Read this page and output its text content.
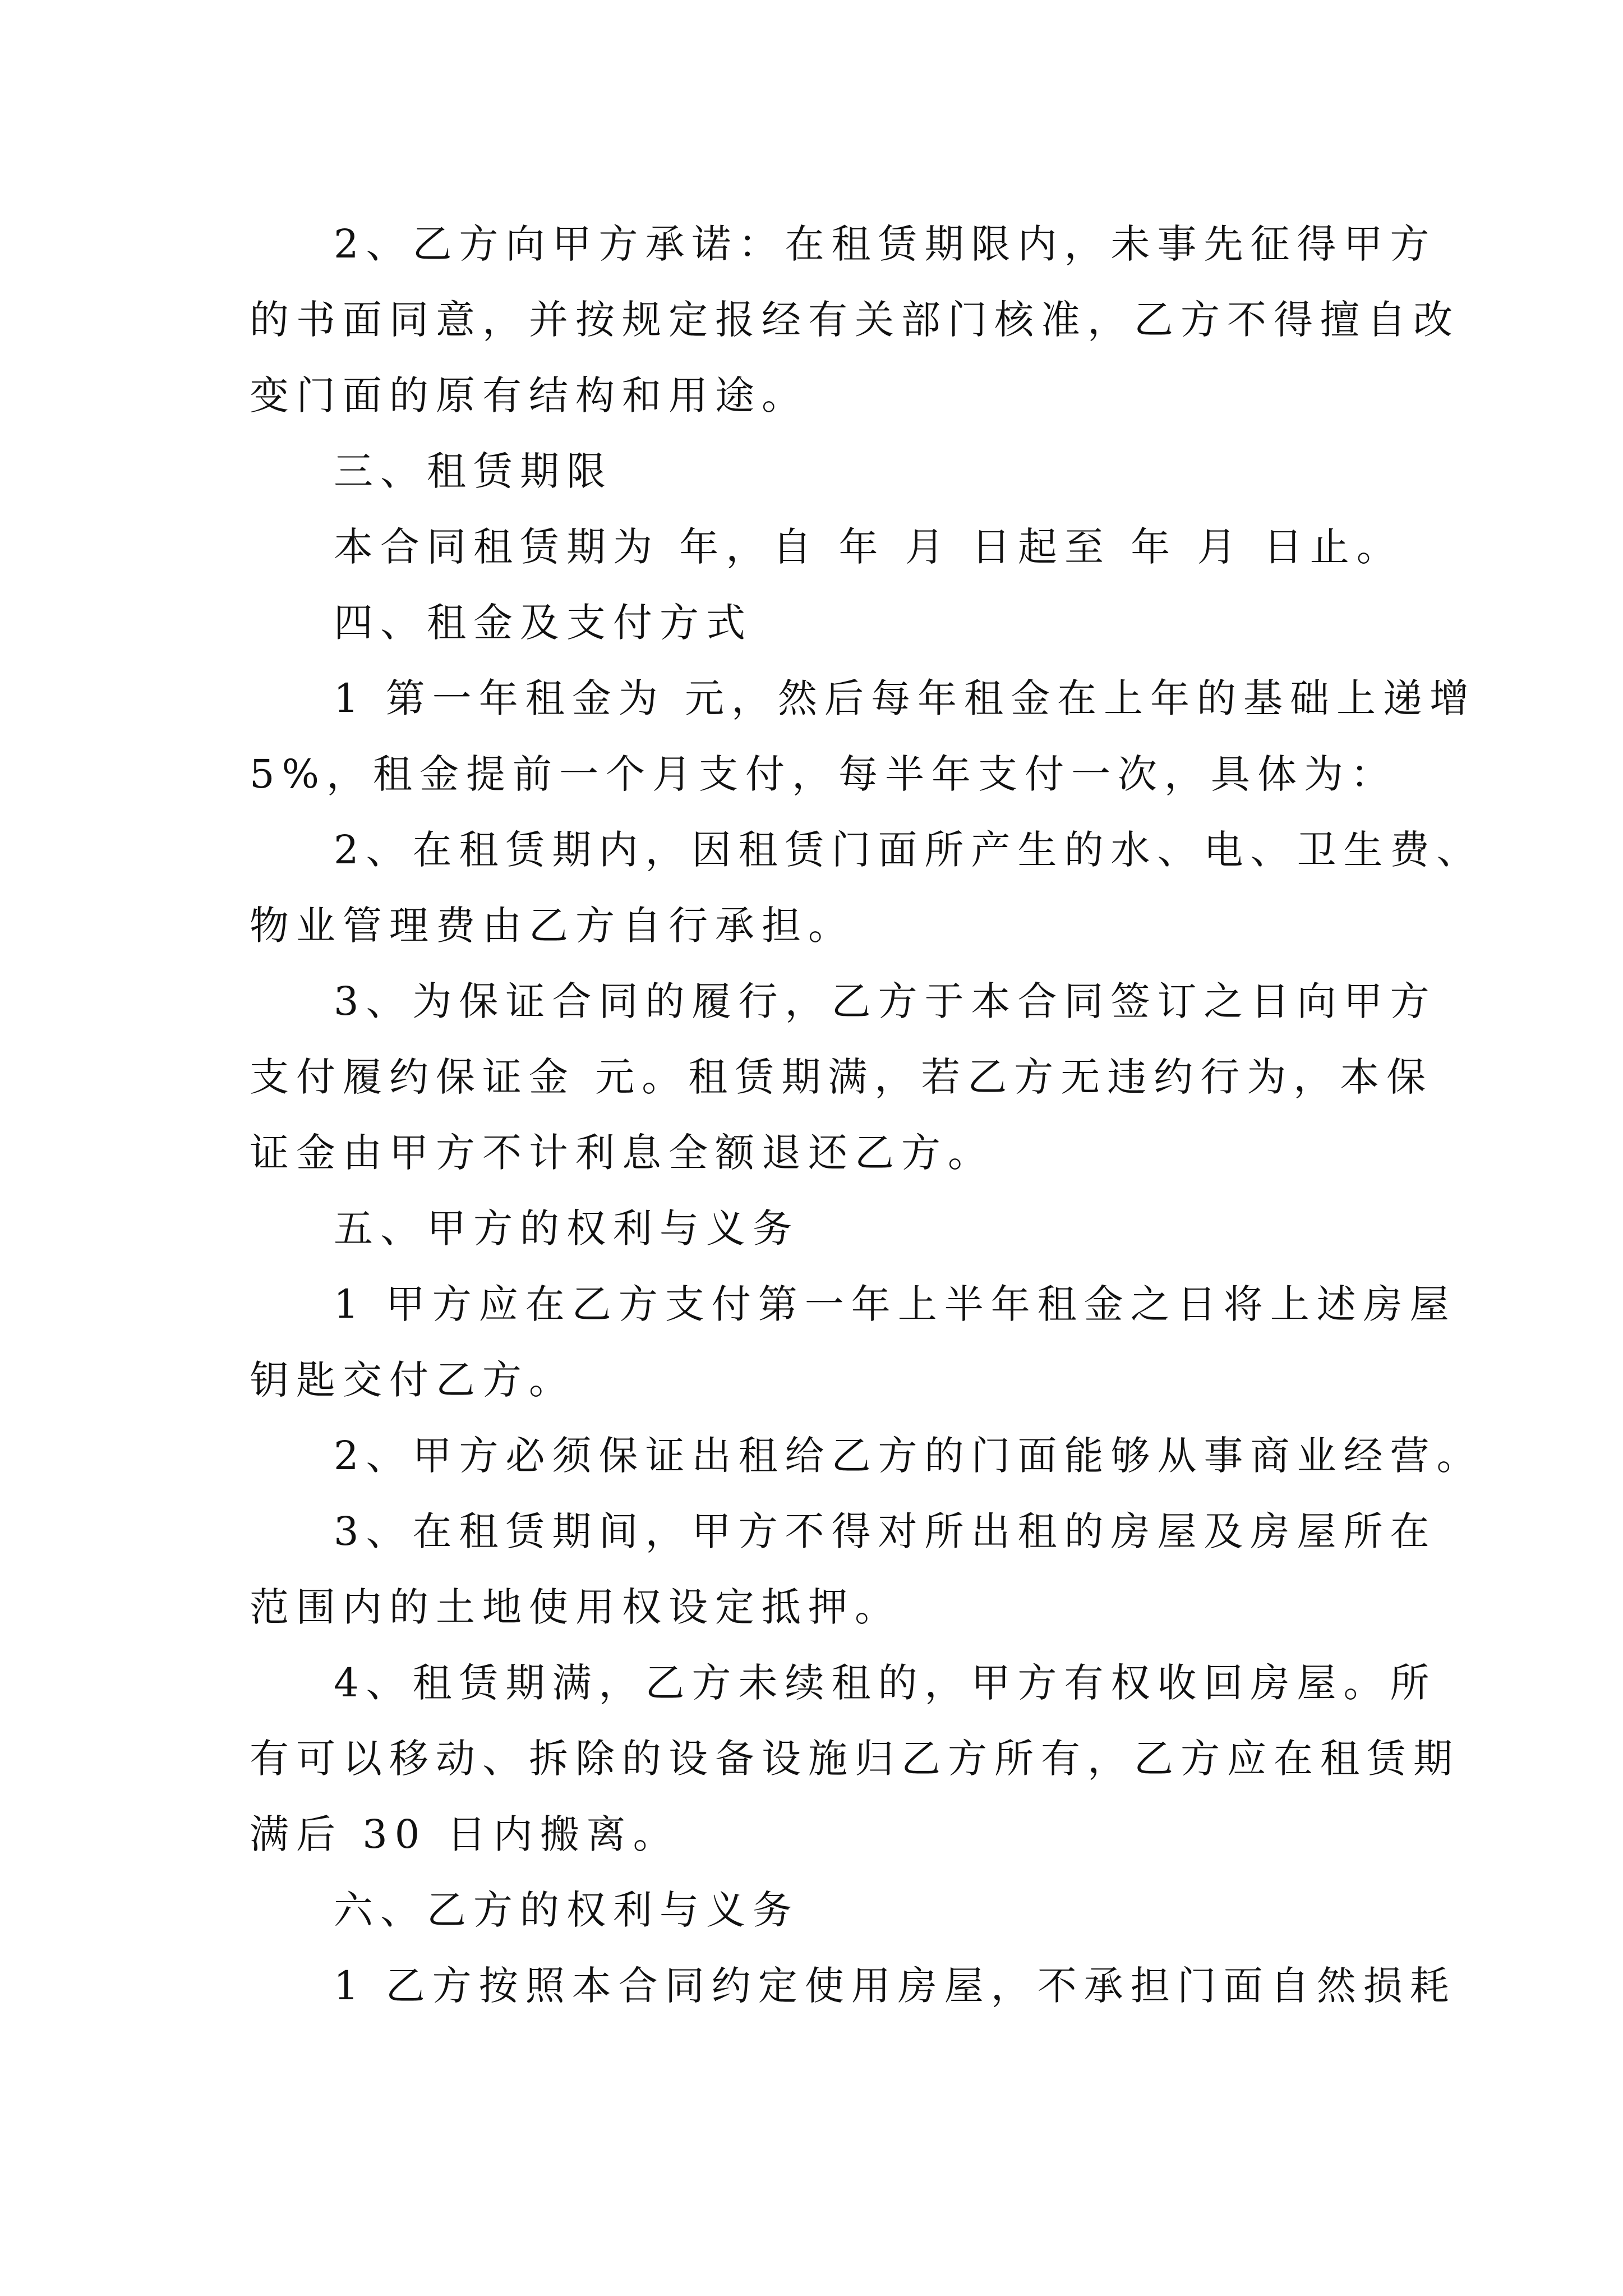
2、乙方向甲方承诺：在租赁期限内，未事先征得甲方
的书面同意，并按规定报经有关部门核准，乙方不得擅自改
变门面的原有结构和用途。
三、租赁期限
本合同租赁期为 年，自 年 月 日起至 年 月 日止。
四、租金及支付方式
1 第一年租金为 元，然后每年租金在上年的基础上递增
5%，租金提前一个月支付，每半年支付一次，具体为：
2、在租赁期内，因租赁门面所产生的水、电、卫生费、
物业管理费由乙方自行承担。
3、为保证合同的履行，乙方于本合同签订之日向甲方
支付履约保证金 元。租赁期满，若乙方无违约行为，本保
证金由甲方不计利息全额退还乙方。
五、甲方的权利与义务
1 甲方应在乙方支付第一年上半年租金之日将上述房屋
钥匙交付乙方。
2、甲方必须保证出租给乙方的门面能够从事商业经营。
3、在租赁期间，甲方不得对所出租的房屋及房屋所在
范围内的土地使用权设定抵押。
4、租赁期满，乙方未续租的，甲方有权收回房屋。所
有可以移动、拆除的设备设施归乙方所有，乙方应在租赁期
满后 30 日内搬离。
六、乙方的权利与义务
1 乙方按照本合同约定使用房屋，不承担门面自然损耗
